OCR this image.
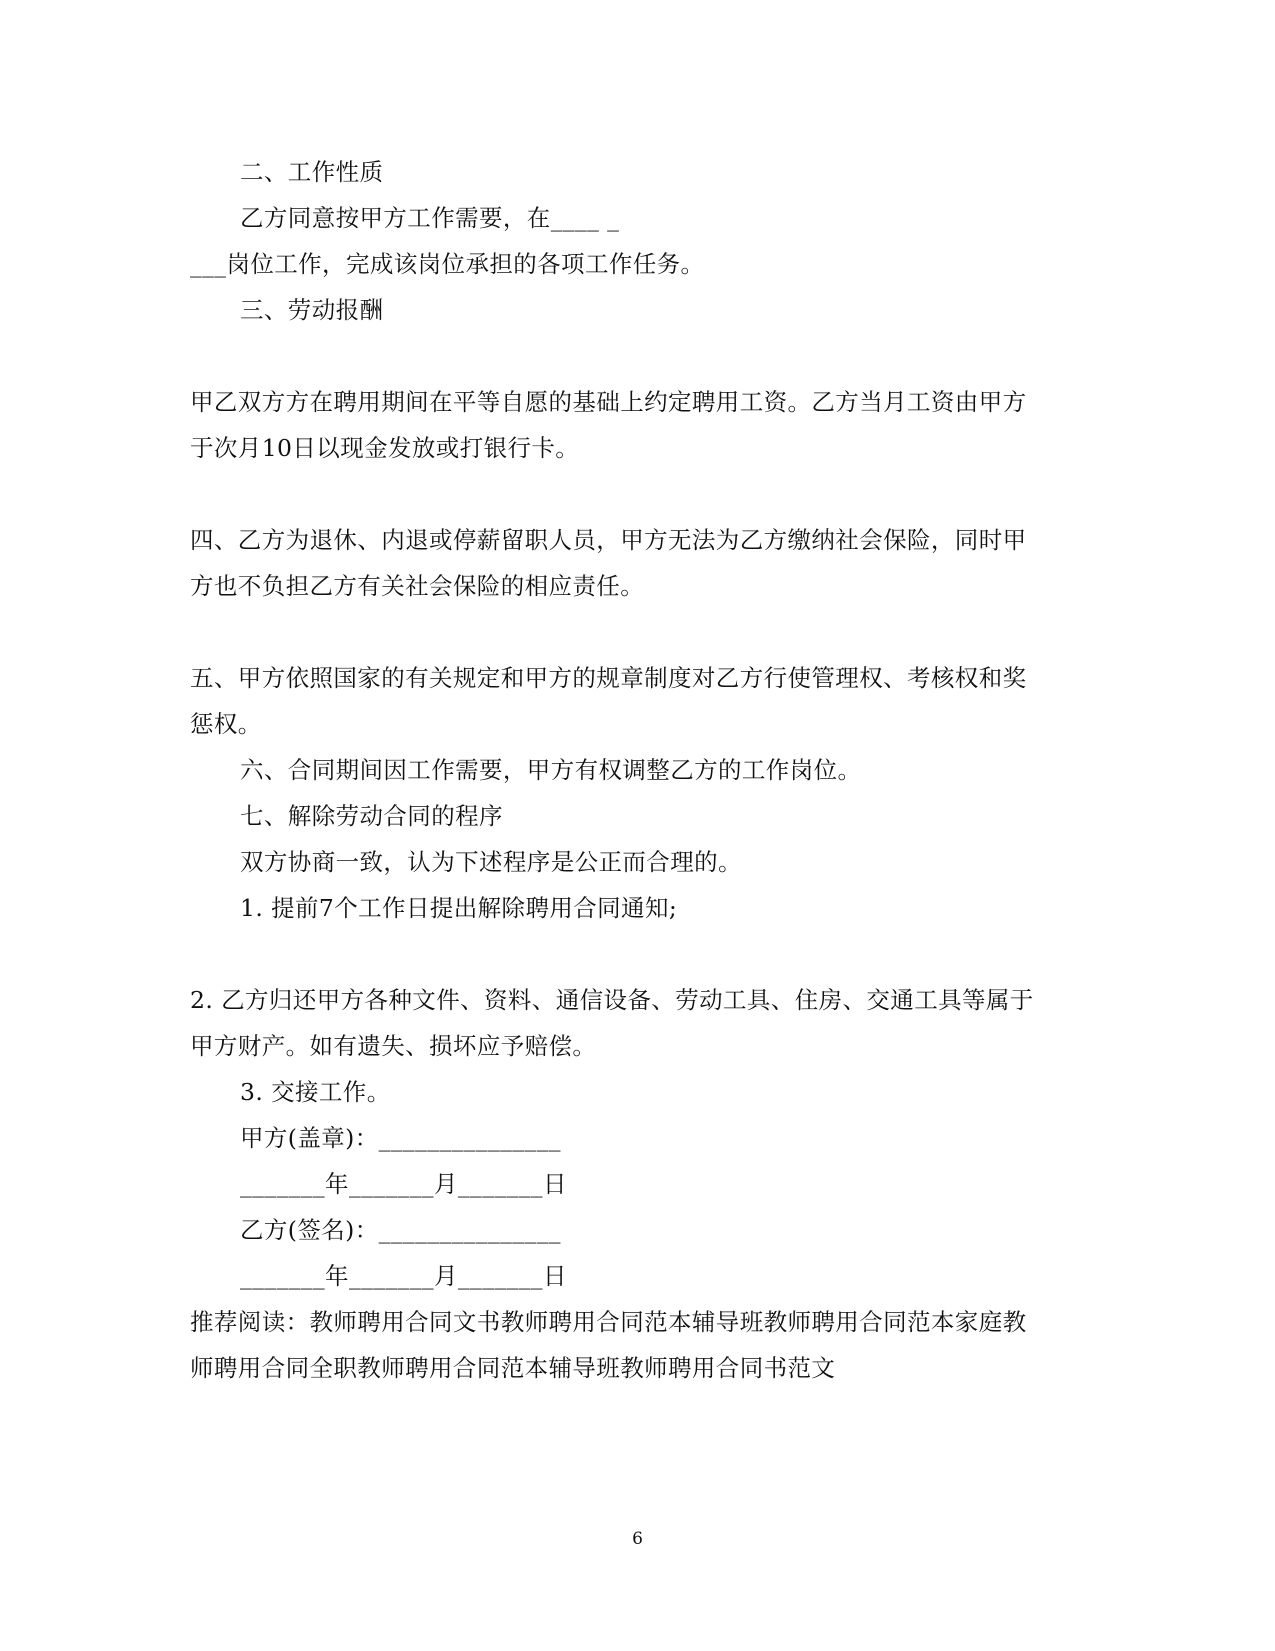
二、工作性质
乙方同意按甲方工作需要，在____ _
___岗位工作，完成该岗位承担的各项工作任务。
三、劳动报酬
甲乙双方方在聘用期间在平等自愿的基础上约定聘用工资。乙方当月工资由甲方
于次月10日以现金发放或打银行卡。
四、乙方为退休、内退或停薪留职人员，甲方无法为乙方缴纳社会保险，同时甲
方也不负担乙方有关社会保险的相应责任。
五、甲方依照国家的有关规定和甲方的规章制度对乙方行使管理权、考核权和奖
惩权。
六、合同期间因工作需要，甲方有权调整乙方的工作岗位。
七、解除劳动合同的程序
双方协商一致，认为下述程序是公正而合理的。
1. 提前7个工作日提出解除聘用合同通知;
2. 乙方归还甲方各种文件、资料、通信设备、劳动工具、住房、交通工具等属于
甲方财产。如有遗失、损坏应予赔偿。
3. 交接工作。
甲方(盖章)：_______________
_______年_______月_______日
乙方(签名)：_______________
_______年_______月_______日
推荐阅读：教师聘用合同文书教师聘用合同范本辅导班教师聘用合同范本家庭教
师聘用合同全职教师聘用合同范本辅导班教师聘用合同书范文
6
